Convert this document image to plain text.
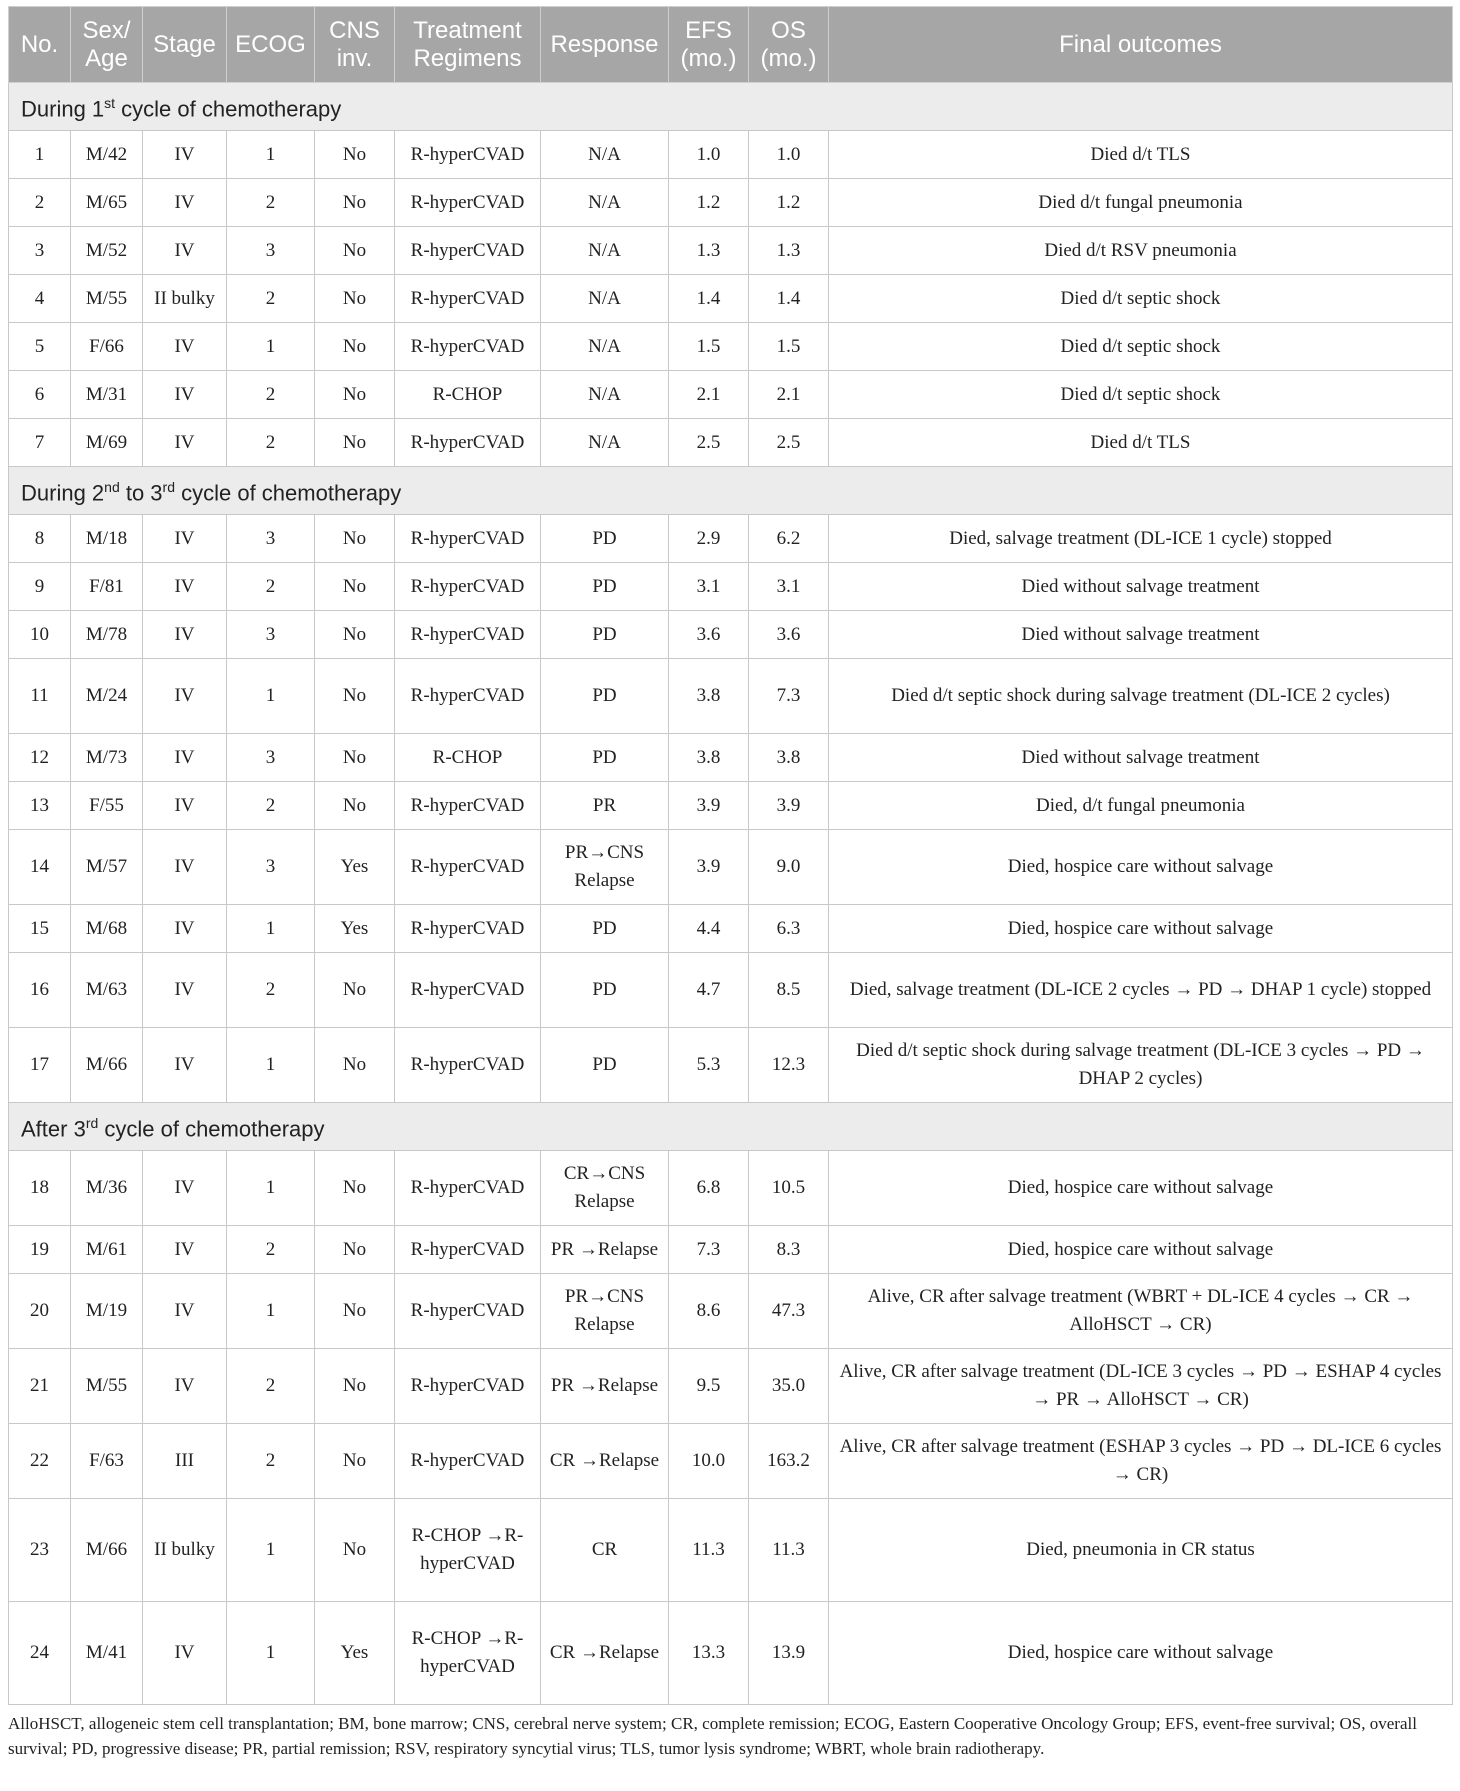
No.	Sex/ Age	Stage	ECOG	CNS inv.	Treatment Regimens	Response	EFS (mo.)	OS (mo.)	Final outcomes
During 1st cycle of chemotherapy									
1	M/42	IV	1	No	R-hyperCVAD	N/A	1.0	1.0	Died d/t TLS
2	M/65	IV	2	No	R-hyperCVAD	N/A	1.2	1.2	Died d/t fungal pneumonia
3	M/52	IV	3	No	R-hyperCVAD	N/A	1.3	1.3	Died d/t RSV pneumonia
4	M/55	II bulky	2	No	R-hyperCVAD	N/A	1.4	1.4	Died d/t septic shock
5	F/66	IV	1	No	R-hyperCVAD	N/A	1.5	1.5	Died d/t septic shock
6	M/31	IV	2	No	R-CHOP	N/A	2.1	2.1	Died d/t septic shock
7	M/69	IV	2	No	R-hyperCVAD	N/A	2.5	2.5	Died d/t TLS
During 2nd to 3rd cycle of chemotherapy									
8	M/18	IV	3	No	R-hyperCVAD	PD	2.9	6.2	Died, salvage treatment (DL-ICE 1 cycle) stopped
9	F/81	IV	2	No	R-hyperCVAD	PD	3.1	3.1	Died without salvage treatment
10	M/78	IV	3	No	R-hyperCVAD	PD	3.6	3.6	Died without salvage treatment
11	M/24	IV	1	No	R-hyperCVAD	PD	3.8	7.3	Died d/t septic shock during salvage treatment (DL-ICE 2 cycles)
12	M/73	IV	3	No	R-CHOP	PD	3.8	3.8	Died without salvage treatment
13	F/55	IV	2	No	R-hyperCVAD	PR	3.9	3.9	Died, d/t fungal pneumonia
14	M/57	IV	3	Yes	R-hyperCVAD	PR→CNS Relapse	3.9	9.0	Died, hospice care without salvage
15	M/68	IV	1	Yes	R-hyperCVAD	PD	4.4	6.3	Died, hospice care without salvage
16	M/63	IV	2	No	R-hyperCVAD	PD	4.7	8.5	Died, salvage treatment (DL-ICE 2 cycles → PD → DHAP 1 cycle) stopped
17	M/66	IV	1	No	R-hyperCVAD	PD	5.3	12.3	Died d/t septic shock during salvage treatment (DL-ICE 3 cycles → PD → DHAP 2 cycles)
After 3rd cycle of chemotherapy									
18	M/36	IV	1	No	R-hyperCVAD	CR→CNS Relapse	6.8	10.5	Died, hospice care without salvage
19	M/61	IV	2	No	R-hyperCVAD	PR →Relapse	7.3	8.3	Died, hospice care without salvage
20	M/19	IV	1	No	R-hyperCVAD	PR→CNS Relapse	8.6	47.3	Alive, CR after salvage treatment (WBRT + DL-ICE 4 cycles → CR → AlloHSCT → CR)
21	M/55	IV	2	No	R-hyperCVAD	PR →Relapse	9.5	35.0	Alive, CR after salvage treatment (DL-ICE 3 cycles → PD → ESHAP 4 cycles → PR → AlloHSCT → CR)
22	F/63	III	2	No	R-hyperCVAD	CR →Relapse	10.0	163.2	Alive, CR after salvage treatment (ESHAP 3 cycles → PD → DL-ICE 6 cycles → CR)
23	M/66	II bulky	1	No	R-CHOP →R-hyperCVAD	CR	11.3	11.3	Died, pneumonia in CR status
24	M/41	IV	1	Yes	R-CHOP →R-hyperCVAD	CR →Relapse	13.3	13.9	Died, hospice care without salvage

AlloHSCT, allogeneic stem cell transplantation; BM, bone marrow; CNS, cerebral nerve system; CR, complete remission; ECOG, Eastern Cooperative Oncology Group; EFS, event-free survival; OS, overall survival; PD, progressive disease; PR, partial remission; RSV, respiratory syncytial virus; TLS, tumor lysis syndrome; WBRT, whole brain radiotherapy.
